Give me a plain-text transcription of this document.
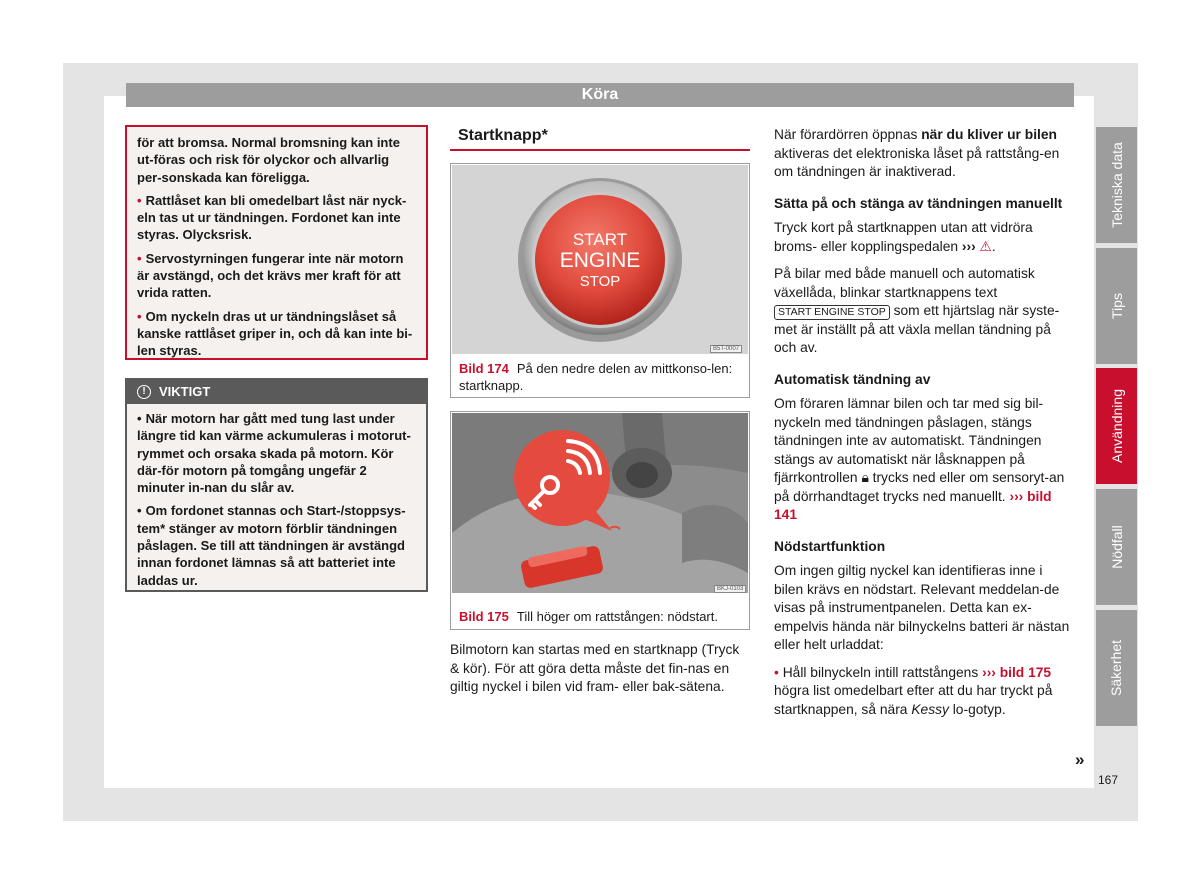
Köra

för att bromsa. Normal bromsning kan inte ut-föras och risk för olyckor och allvarlig per-sonskada kan föreligga.

• Rattlåset kan bli omedelbart låst när nyck-eln tas ut ur tändningen. Fordonet kan inte styras. Olycksrisk.

• Servostyrningen fungerar inte när motorn är avstängd, och det krävs mer kraft för att vrida ratten.

• Om nyckeln dras ut ur tändningslåset så kanske rattlåset griper in, och då kan inte bi-len styras.

!	VIKTIGT

• När motorn har gått med tung last under längre tid kan värme ackumuleras i motorut-rymmet och orsaka skada på motorn. Kör där-för motorn på tomgång ungefär 2 minuter in-nan du slår av.

• Om fordonet stannas och Start-/stoppsys-tem* stänger av motorn förblir tändningen påslagen. Se till att tändningen är avstängd innan fordonet lämnas så att batteriet inte laddas ur.

Startknapp*
START
ENGINE
STOP
B5T-0007
Bild 174 På den nedre delen av mittkonso-len: startknapp.
BKJ-0103
Bild 175 Till höger om rattstången: nödstart.
Bilmotorn kan startas med en startknapp (Tryck & kör). För att göra detta måste det fin-nas en giltig nyckel i bilen vid fram- eller bak-sätena.

När förardörren öppnas när du kliver ur bilen aktiveras det elektroniska låset på rattstång-en om tändningen är inaktiverad.

Sätta på och stänga av tändningen manuellt

Tryck kort på startknappen utan att vidröra broms- eller kopplingspedalen ››› ⚠.

På bilar med både manuell och automatisk växellåda, blinkar startknappens text START ENGINE STOP som ett hjärtslag när syste-met är inställt på att växla mellan tändning på och av.

Automatisk tändning av

Om föraren lämnar bilen och tar med sig bil-nyckeln med tändningen påslagen, stängs tändningen inte av automatiskt. Tändningen stängs av automatiskt när låsknappen på fjärrkontrollen 🔒︎ trycks ned eller om sensoryt-an på dörrhandtaget trycks ned manuellt. ››› bild 141

Nödstartfunktion

Om ingen giltig nyckel kan identifieras inne i bilen krävs en nödstart. Relevant meddelan-de visas på instrumentpanelen. Detta kan ex-empelvis hända när bilnyckelns batteri är nästan eller helt urladdat:

• Håll bilnyckeln intill rattstångens ››› bild 175 högra list omedelbart efter att du har tryckt på startknappen, så nära Kessy lo-gotyp.

»
Tekniska data
Tips
Användning
Nödfall
Säkerhet
167
